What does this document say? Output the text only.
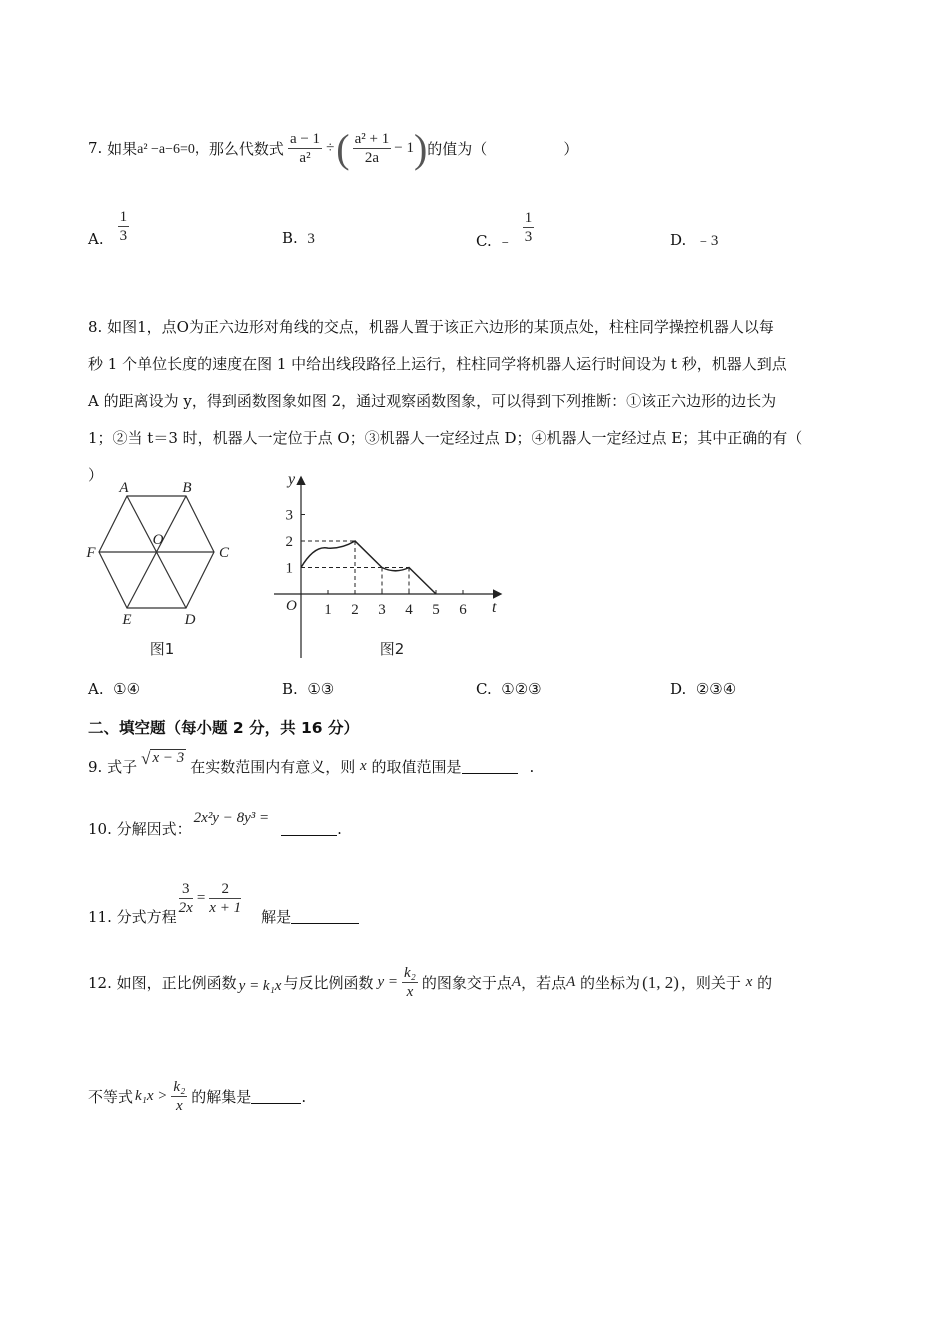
7.
如果 a² −a−6=0， 那么代数式 $\frac{a - 1}{\text{a²}}$ ÷ ( $\frac{\text{a² + 1}}{2a} - 1$ ) 的值为（	）
A. $\frac{1}{3}$	B. 3	C. ﹣ $\frac{1}{3}$	D. ﹣3
8. 如图1，点O为正六边形对角线的交点，机器人置于该正六边形的某顶点处，柱柱同学操控机器人以每
秒 1 个单位长度的速度在图 1 中给出线段路径上运行，柱柱同学将机器人运行时间设为 t 秒，机器人到点
A 的距离设为 y，得到函数图象如图 2，通过观察函数图象，可以得到下列推断：①该正六边形的边长为
1；②当 t＝3 时，机器人一定位于点 O；③机器人一定经过点 D；④机器人一定经过点 E；其中正确的有（
）
A	B
C
D
E
F
O
图1
1 2 3 4 5 6
1
2
3
y
t
O
图2
A. ①④	B. ①③	C. ①②③	D. ②③④
二、填空题（每小题 2 分，共 16 分）
9.
式子 √ x − 3
在实数范围内有意义，则
x
的取值范围是	.
10.
分解因式：
2x²y − 8y³ =
.
11.
分式方程 $\frac{3}{2x} = \frac{2}{x + 1}$ 解是
12.
如图，正比例函数 y = k₁x 与反比例函数 $y = \frac{\text{k₂}}{x}$ 的图象交于点 A ，若点 A
的坐标为 (1, 2) ，则关于
x
的
不等式 $k_1x > \frac{\text{k₂}}{x}$ 的解集是	.
